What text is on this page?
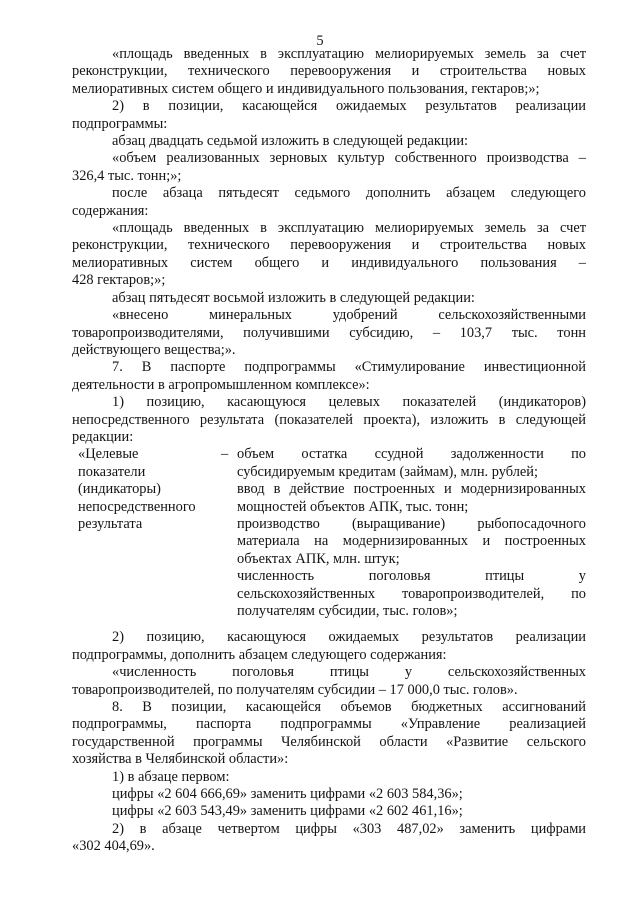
5
«площадь введенных в эксплуатацию мелиорируемых земель за счет
реконструкции, технического перевооружения и строительства новых
мелиоративных систем общего и индивидуального пользования, гектаров;»;
2) в позиции, касающейся ожидаемых результатов реализации
подпрограммы:
абзац двадцать седьмой изложить в следующей редакции:
«объем реализованных зерновых культур собственного производства –
326,4 тыс. тонн;»;
после абзаца пятьдесят седьмого дополнить абзацем следующего
содержания:
«площадь введенных в эксплуатацию мелиорируемых земель за счет
реконструкции, технического перевооружения и строительства новых
мелиоративных систем общего и индивидуального пользования –
428 гектаров;»;
абзац пятьдесят восьмой изложить в следующей редакции:
«внесено минеральных удобрений сельскохозяйственными
товаропроизводителями, получившими субсидию, – 103,7 тыс. тонн
действующего вещества;».
7. В паспорте подпрограммы «Стимулирование инвестиционной
деятельности в агропромышленном комплексе»:
1) позицию, касающуюся целевых показателей (индикаторов)
непосредственного результата (показателей проекта), изложить в следующей
редакции:
«Целевые
показатели
(индикаторы)
непосредственного
результата
– объем остатка ссудной задолженности по
субсидируемым кредитам (займам), млн. рублей;
ввод в действие построенных и модернизированных
мощностей объектов АПК, тыс. тонн;
производство (выращивание) рыбопосадочного
материала на модернизированных и построенных
объектах АПК, млн. штук;
численность поголовья птицы у
сельскохозяйственных товаропроизводителей, по
получателям субсидии, тыс. голов»;
2) позицию, касающуюся ожидаемых результатов реализации
подпрограммы, дополнить абзацем следующего содержания:
«численность поголовья птицы у сельскохозяйственных
товаропроизводителей, по получателям субсидии – 17 000,0 тыс. голов».
8. В позиции, касающейся объемов бюджетных ассигнований
подпрограммы, паспорта подпрограммы «Управление реализацией
государственной программы Челябинской области «Развитие сельского
хозяйства в Челябинской области»:
1) в абзаце первом:
цифры «2 604 666,69» заменить цифрами «2 603 584,36»;
цифры «2 603 543,49» заменить цифрами «2 602 461,16»;
2) в абзаце четвертом цифры «303 487,02» заменить цифрами
«302 404,69».
